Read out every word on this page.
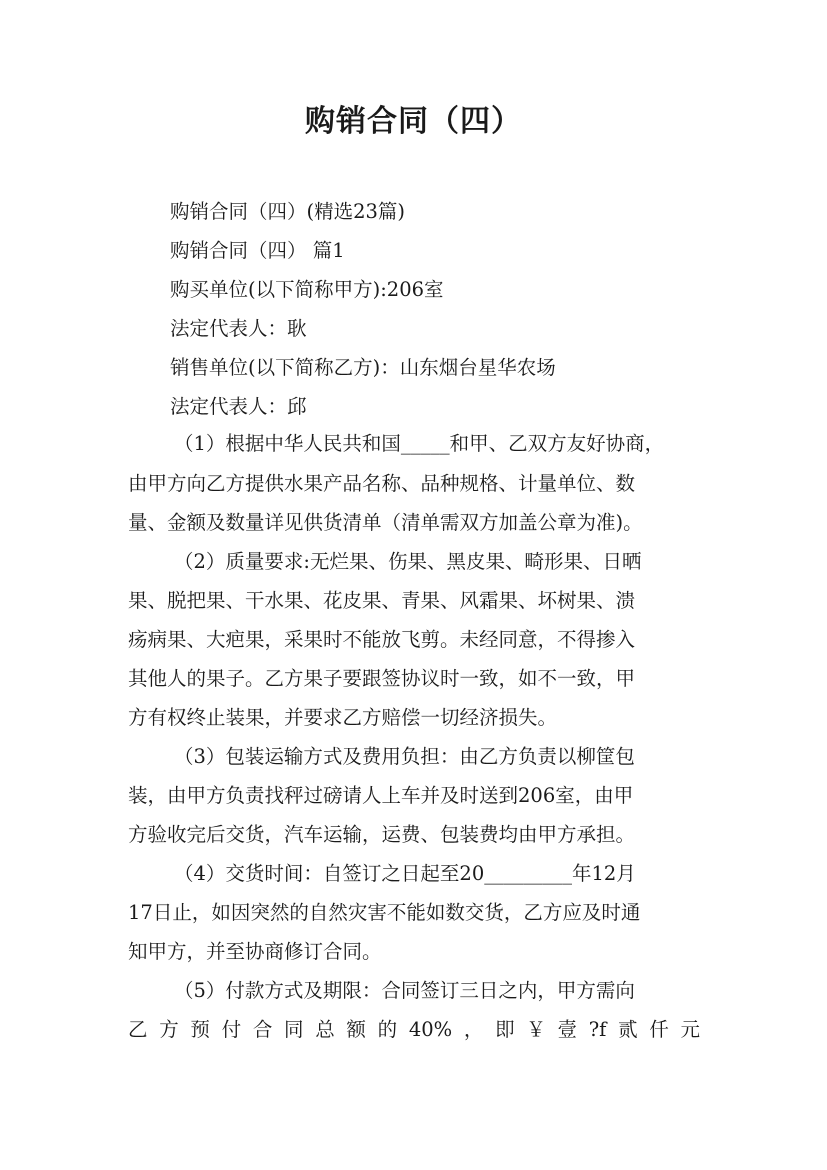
购销合同（四）
购销合同（四）(精选23篇)
购销合同（四） 篇1
购买单位(以下简称甲方):206室
法定代表人：耿
销售单位(以下简称乙方)：山东烟台星华农场
法定代表人：邱
（1）根据中华人民共和国_____和甲、乙双方友好协商，
由甲方向乙方提供水果产品名称、品种规格、计量单位、数
量、金额及数量详见供货清单（清单需双方加盖公章为准)。
（2）质量要求:无烂果、伤果、黑皮果、畸形果、日晒
果、脱把果、干水果、花皮果、青果、风霜果、坏树果、溃
疡病果、大疤果，采果时不能放飞剪。未经同意，不得掺入
其他人的果子。乙方果子要跟签协议时一致，如不一致，甲
方有权终止装果，并要求乙方赔偿一切经济损失。
（3）包装运输方式及费用负担：由乙方负责以柳筐包
装，由甲方负责找秤过磅请人上车并及时送到206室，由甲
方验收完后交货，汽车运输，运费、包装费均由甲方承担。
（4）交货时间：自签订之日起至20_________年12月
17日止，如因突然的自然灾害不能如数交货，乙方应及时通
知甲方，并至协商修订合同。
（5）付款方式及期限：合同签订三日之内，甲方需向
乙方预付合同总额的40%，即￥壹?f贰仟元
